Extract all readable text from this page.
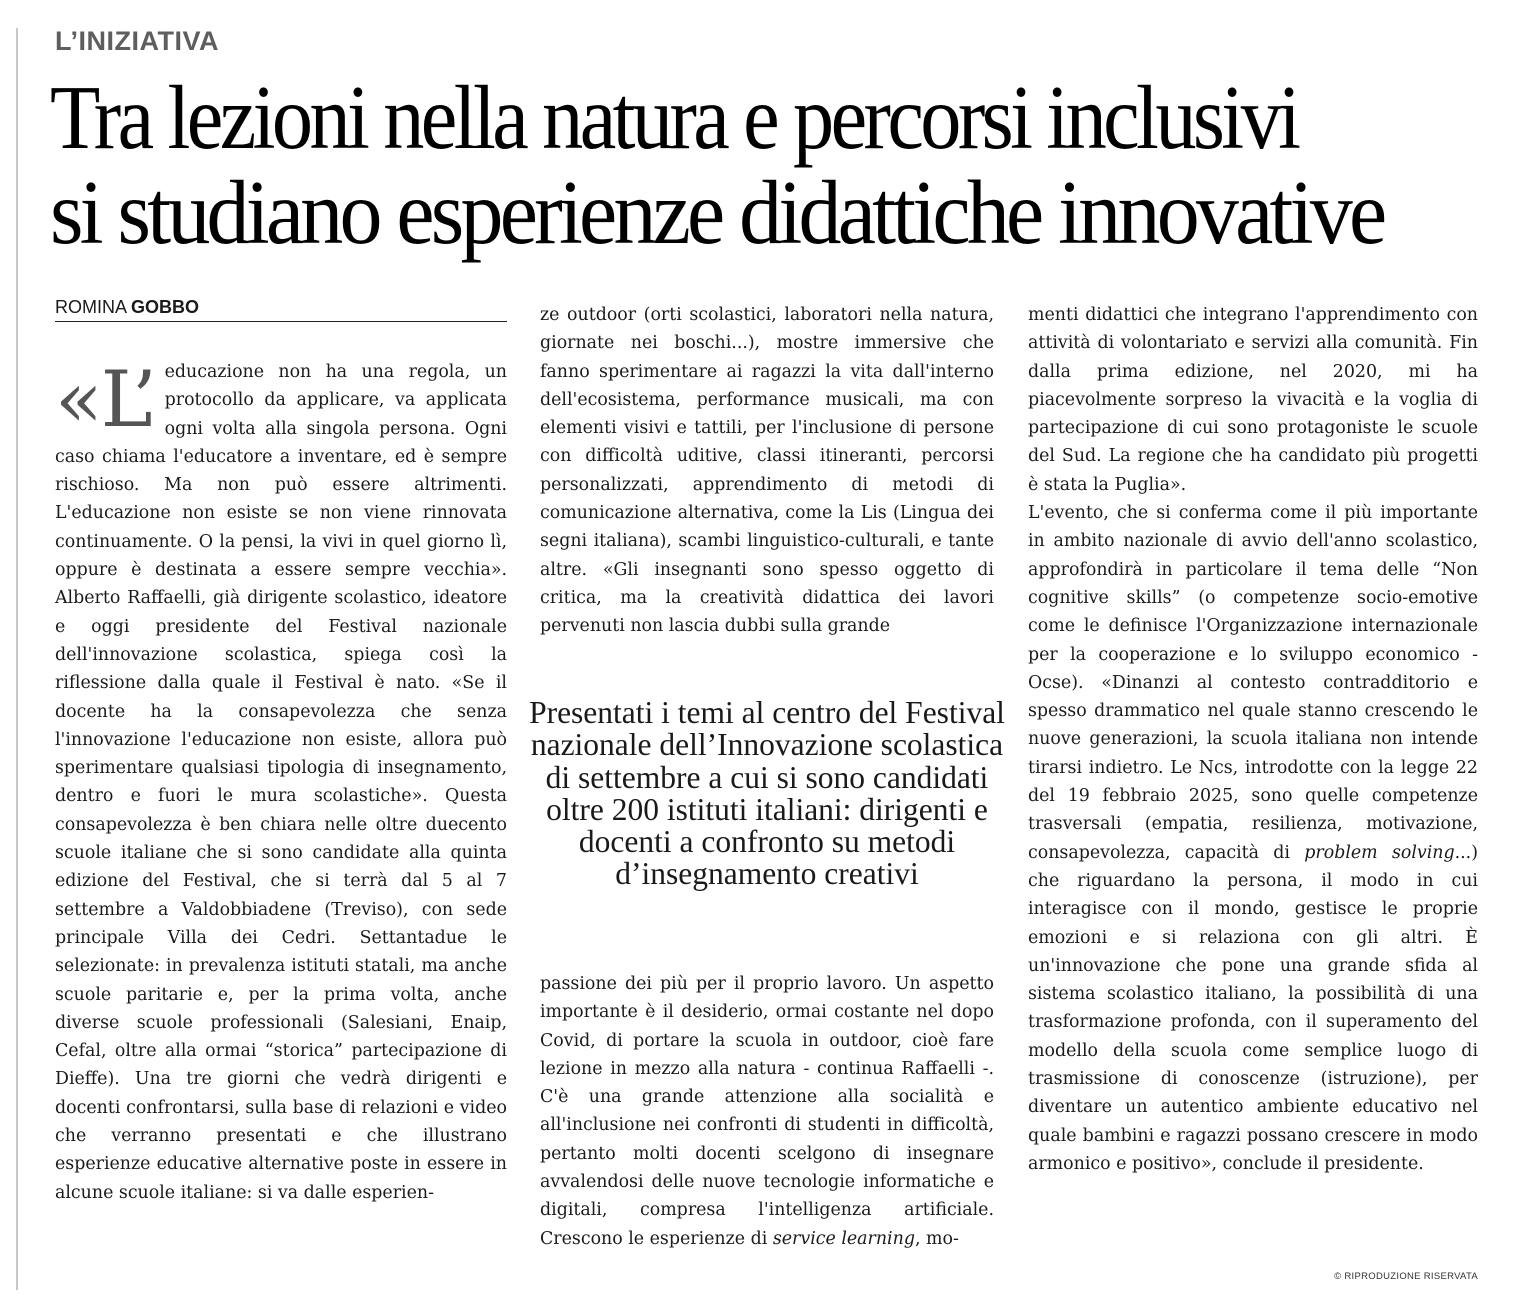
L’INIZIATIVA
Tra lezioni nella natura e percorsi inclusivi
si studiano esperienze didattiche innovative
ROMINA GOBBO
«L’ educazione non ha una regola, un protocollo da applicare, va applicata ogni volta alla singola persona. Ogni caso chiama l'educatore a inventare, ed è sempre rischioso. Ma non può essere altrimenti. L'educazione non esiste se non viene rinnovata continuamente. O la pensi, la vivi in quel giorno lì, oppure è destinata a essere sempre vecchia». Alberto Raffaelli, già dirigente scolastico, ideatore e oggi presidente del Festival nazionale dell'innovazione scolastica, spiega così la riflessione dalla quale il Festival è nato. «Se il docente ha la consapevolezza che senza l'innovazione l'educazione non esiste, allora può sperimentare qualsiasi tipologia di insegnamento, dentro e fuori le mura scolastiche». Questa consapevolezza è ben chiara nelle oltre duecento scuole italiane che si sono candidate alla quinta edizione del Festival, che si terrà dal 5 al 7 settembre a Valdobbiadene (Treviso), con sede principale Villa dei Cedri. Settantadue le selezionate: in prevalenza istituti statali, ma anche scuole paritarie e, per la prima volta, anche diverse scuole professionali (Salesiani, Enaip, Cefal, oltre alla ormai “storica” partecipazione di Dieffe). Una tre giorni che vedrà dirigenti e docenti confrontarsi, sulla base di relazioni e video che verranno presentati e che illustrano esperienze educative alternative poste in essere in alcune scuole italiane: si va dalle esperien-
ze outdoor (orti scolastici, laboratori nella natura, giornate nei boschi...), mostre immersive che fanno sperimentare ai ragazzi la vita dall'interno dell'ecosistema, performance musicali, ma con elementi visivi e tattili, per l'inclusione di persone con difficoltà uditive, classi itineranti, percorsi personalizzati, apprendimento di metodi di comunicazione alternativa, come la Lis (Lingua dei segni italiana), scambi linguistico-culturali, e tante altre. «Gli insegnanti sono spesso oggetto di critica, ma la creatività didattica dei lavori pervenuti non lascia dubbi sulla grande

Presentati i temi al centro del Festival nazionale dell’Innovazione scolastica di settembre a cui si sono candidati oltre 200 istituti italiani: dirigenti e docenti a confronto su metodi d’insegnamento creativi

passione dei più per il proprio lavoro. Un aspetto importante è il desiderio, ormai costante nel dopo Covid, di portare la scuola in outdoor, cioè fare lezione in mezzo alla natura - continua Raffaelli -. C'è una grande attenzione alla socialità e all'inclusione nei confronti di studenti in difficoltà, pertanto molti docenti scelgono di insegnare avvalendosi delle nuove tecnologie informatiche e digitali, compresa l'intelligenza artificiale. Crescono le esperienze di service learning, mo-

menti didattici che integrano l'apprendimento con attività di volontariato e servizi alla comunità. Fin dalla prima edizione, nel 2020, mi ha piacevolmente sorpreso la vivacità e la voglia di partecipazione di cui sono protagoniste le scuole del Sud. La regione che ha candidato più progetti è stata la Puglia».

L'evento, che si conferma come il più importante in ambito nazionale di avvio dell'anno scolastico, approfondirà in particolare il tema delle “Non cognitive skills” (o competenze socio-emotive come le definisce l'Organizzazione internazionale per la cooperazione e lo sviluppo economico - Ocse). «Dinanzi al contesto contradditorio e spesso drammatico nel quale stanno crescendo le nuove generazioni, la scuola italiana non intende tirarsi indietro. Le Ncs, introdotte con la legge 22 del 19 febbraio 2025, sono quelle competenze trasversali (empatia, resilienza, motivazione, consapevolezza, capacità di problem solving...) che riguardano la persona, il modo in cui interagisce con il mondo, gestisce le proprie emozioni e si relaziona con gli altri. È un'innovazione che pone una grande sfida al sistema scolastico italiano, la possibilità di una trasformazione profonda, con il superamento del modello della scuola come semplice luogo di trasmissione di conoscenze (istruzione), per diventare un autentico ambiente educativo nel quale bambini e ragazzi possano crescere in modo armonico e positivo», conclude il presidente.

© RIPRODUZIONE RISERVATA
